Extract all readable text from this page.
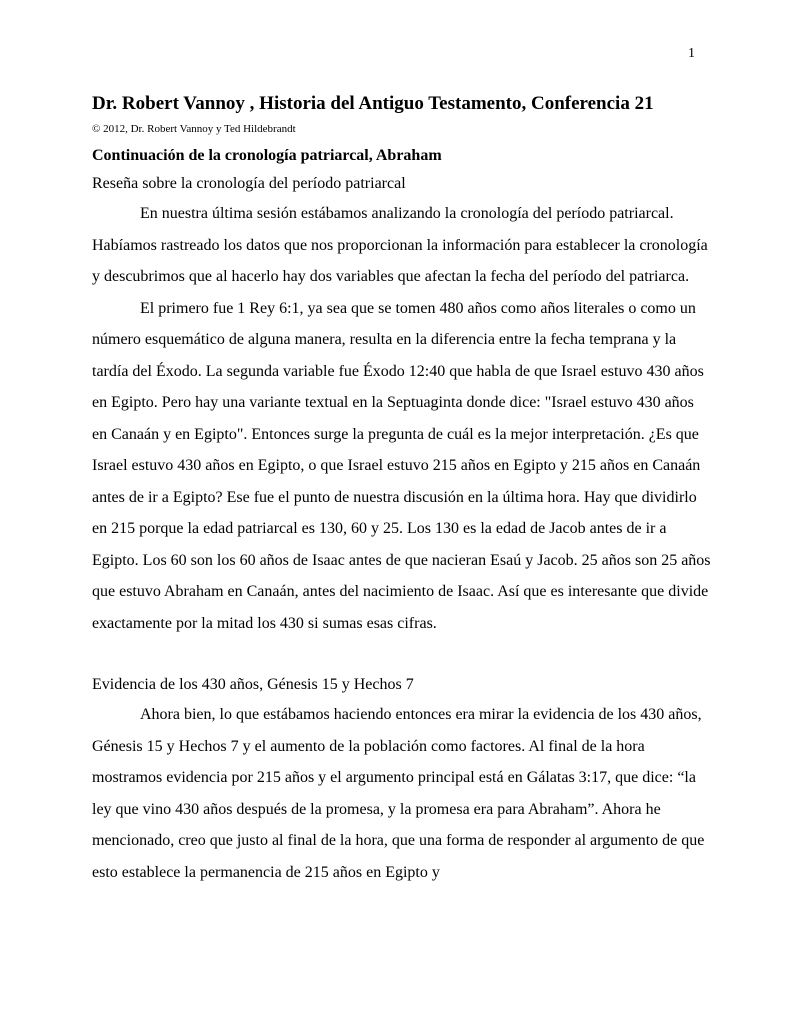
1

Dr. Robert Vannoy , Historia del Antiguo Testamento, Conferencia 21

© 2012, Dr. Robert Vannoy y Ted Hildebrandt

Continuación de la cronología patriarcal, Abraham

Reseña sobre la cronología del período patriarcal

En nuestra última sesión estábamos analizando la cronología del período patriarcal.

Habíamos rastreado los datos que nos proporcionan la información para establecer la cronología y descubrimos que al hacerlo hay dos variables que afectan la fecha del período del patriarca.

El primero fue 1 Rey 6:1, ya sea que se tomen 480 años como años literales o como un número esquemático de alguna manera, resulta en la diferencia entre la fecha temprana y la tardía del Éxodo. La segunda variable fue Éxodo 12:40 que habla de que Israel estuvo 430 años en Egipto. Pero hay una variante textual en la Septuaginta donde dice: "Israel estuvo 430 años en Canaán y en Egipto". Entonces surge la pregunta de cuál es la mejor interpretación. ¿Es que Israel estuvo 430 años en Egipto, o que Israel estuvo 215 años en Egipto y 215 años en Canaán antes de ir a Egipto? Ese fue el punto de nuestra discusión en la última hora. Hay que dividirlo en 215 porque la edad patriarcal es 130, 60 y 25. Los 130 es la edad de Jacob antes de ir a Egipto. Los 60 son los 60 años de Isaac antes de que nacieran Esaú y Jacob. 25 años son 25 años que estuvo Abraham en Canaán, antes del nacimiento de Isaac. Así que es interesante que divide exactamente por la mitad los 430 si sumas esas cifras.

Evidencia de los 430 años, Génesis 15 y Hechos 7

Ahora bien, lo que estábamos haciendo entonces era mirar la evidencia de los 430 años, Génesis 15 y Hechos 7 y el aumento de la población como factores. Al final de la hora mostramos evidencia por 215 años y el argumento principal está en Gálatas 3:17, que dice: “la ley que vino 430 años después de la promesa, y la promesa era para Abraham”. Ahora he mencionado, creo que justo al final de la hora, que una forma de responder al argumento de que esto establece la permanencia de 215 años en Egipto y
